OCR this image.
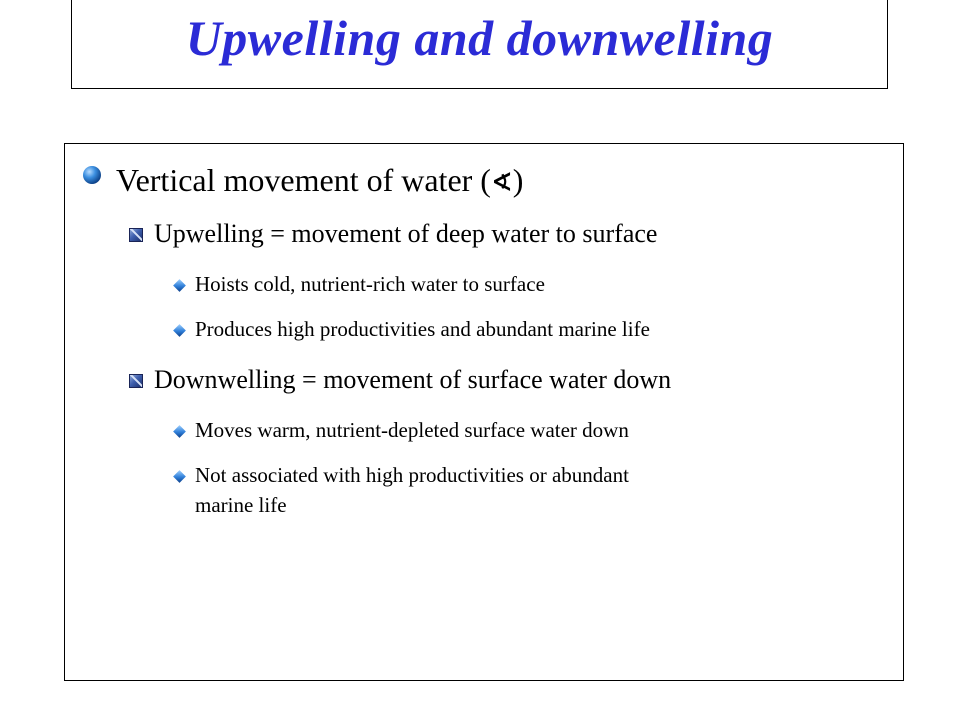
Upwelling and downwelling
Vertical movement of water (∢)
Upwelling = movement of deep water to surface
Hoists cold, nutrient-rich water to surface
Produces high productivities and abundant marine life
Downwelling = movement of surface water down
Moves warm, nutrient-depleted surface water down
Not associated with high productivities or abundant
marine life
